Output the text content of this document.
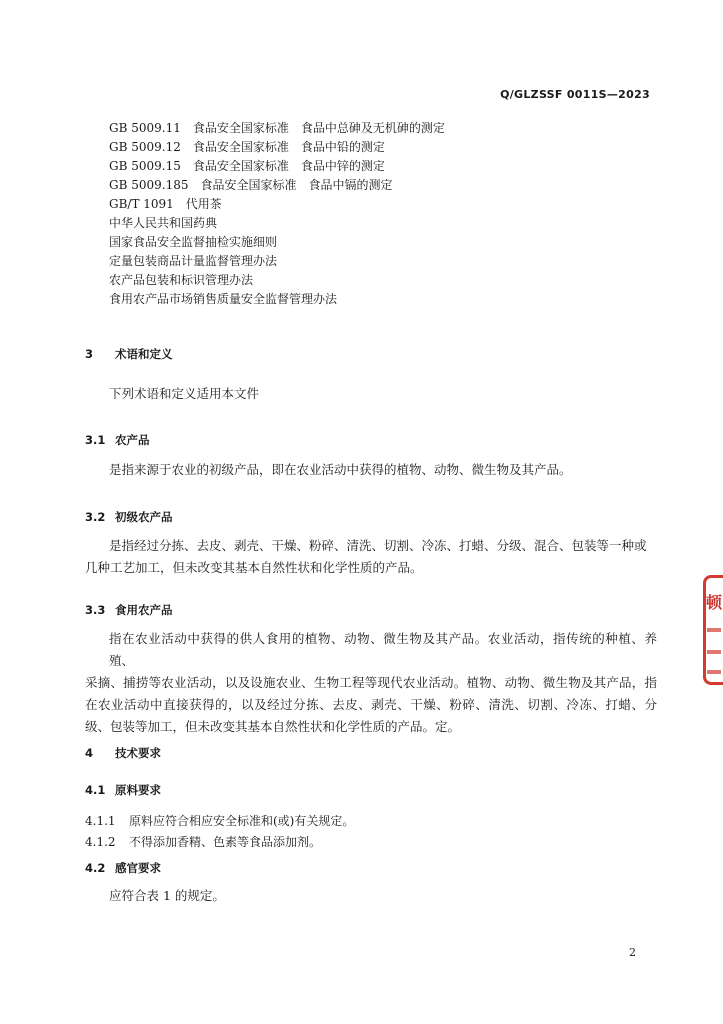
Q/GLZSSF 0011S—2023
GB 5009.11　食品安全国家标准　食品中总砷及无机砷的测定
GB 5009.12　食品安全国家标准　食品中铅的测定
GB 5009.15　食品安全国家标准　食品中锌的测定
GB 5009.185　食品安全国家标准　食品中镉的测定
GB/T 1091　代用茶
中华人民共和国药典
国家食品安全监督抽检实施细则
定量包装商品计量监督管理办法
农产品包装和标识管理办法
食用农产品市场销售质量安全监督管理办法
3 术语和定义
下列术语和定义适用本文件
3.1 农产品
是指来源于农业的初级产品，即在农业活动中获得的植物、动物、微生物及其产品。
3.2 初级农产品
是指经过分拣、去皮、剥壳、干燥、粉碎、清洗、切割、冷冻、打蜡、分级、混合、包装等一种或
几种工艺加工，但未改变其基本自然性状和化学性质的产品。
3.3 食用农产品
指在农业活动中获得的供人食用的植物、动物、微生物及其产品。农业活动，指传统的种植、养殖、
采摘、捕捞等农业活动，以及设施农业、生物工程等现代农业活动。植物、动物、微生物及其产品，指在农业活动中直接获得的，以及经过分拣、去皮、剥壳、干燥、粉碎、清洗、切割、冷冻、打蜡、分级、包装等加工，但未改变其基本自然性状和化学性质的产品。定。
4 技术要求
4.1 原料要求
4.1.1 原料应符合相应安全标准和(或)有关规定。
4.1.2 不得添加香精、色素等食品添加剂。
4.2 感官要求
应符合表 1 的规定。
2
顿
